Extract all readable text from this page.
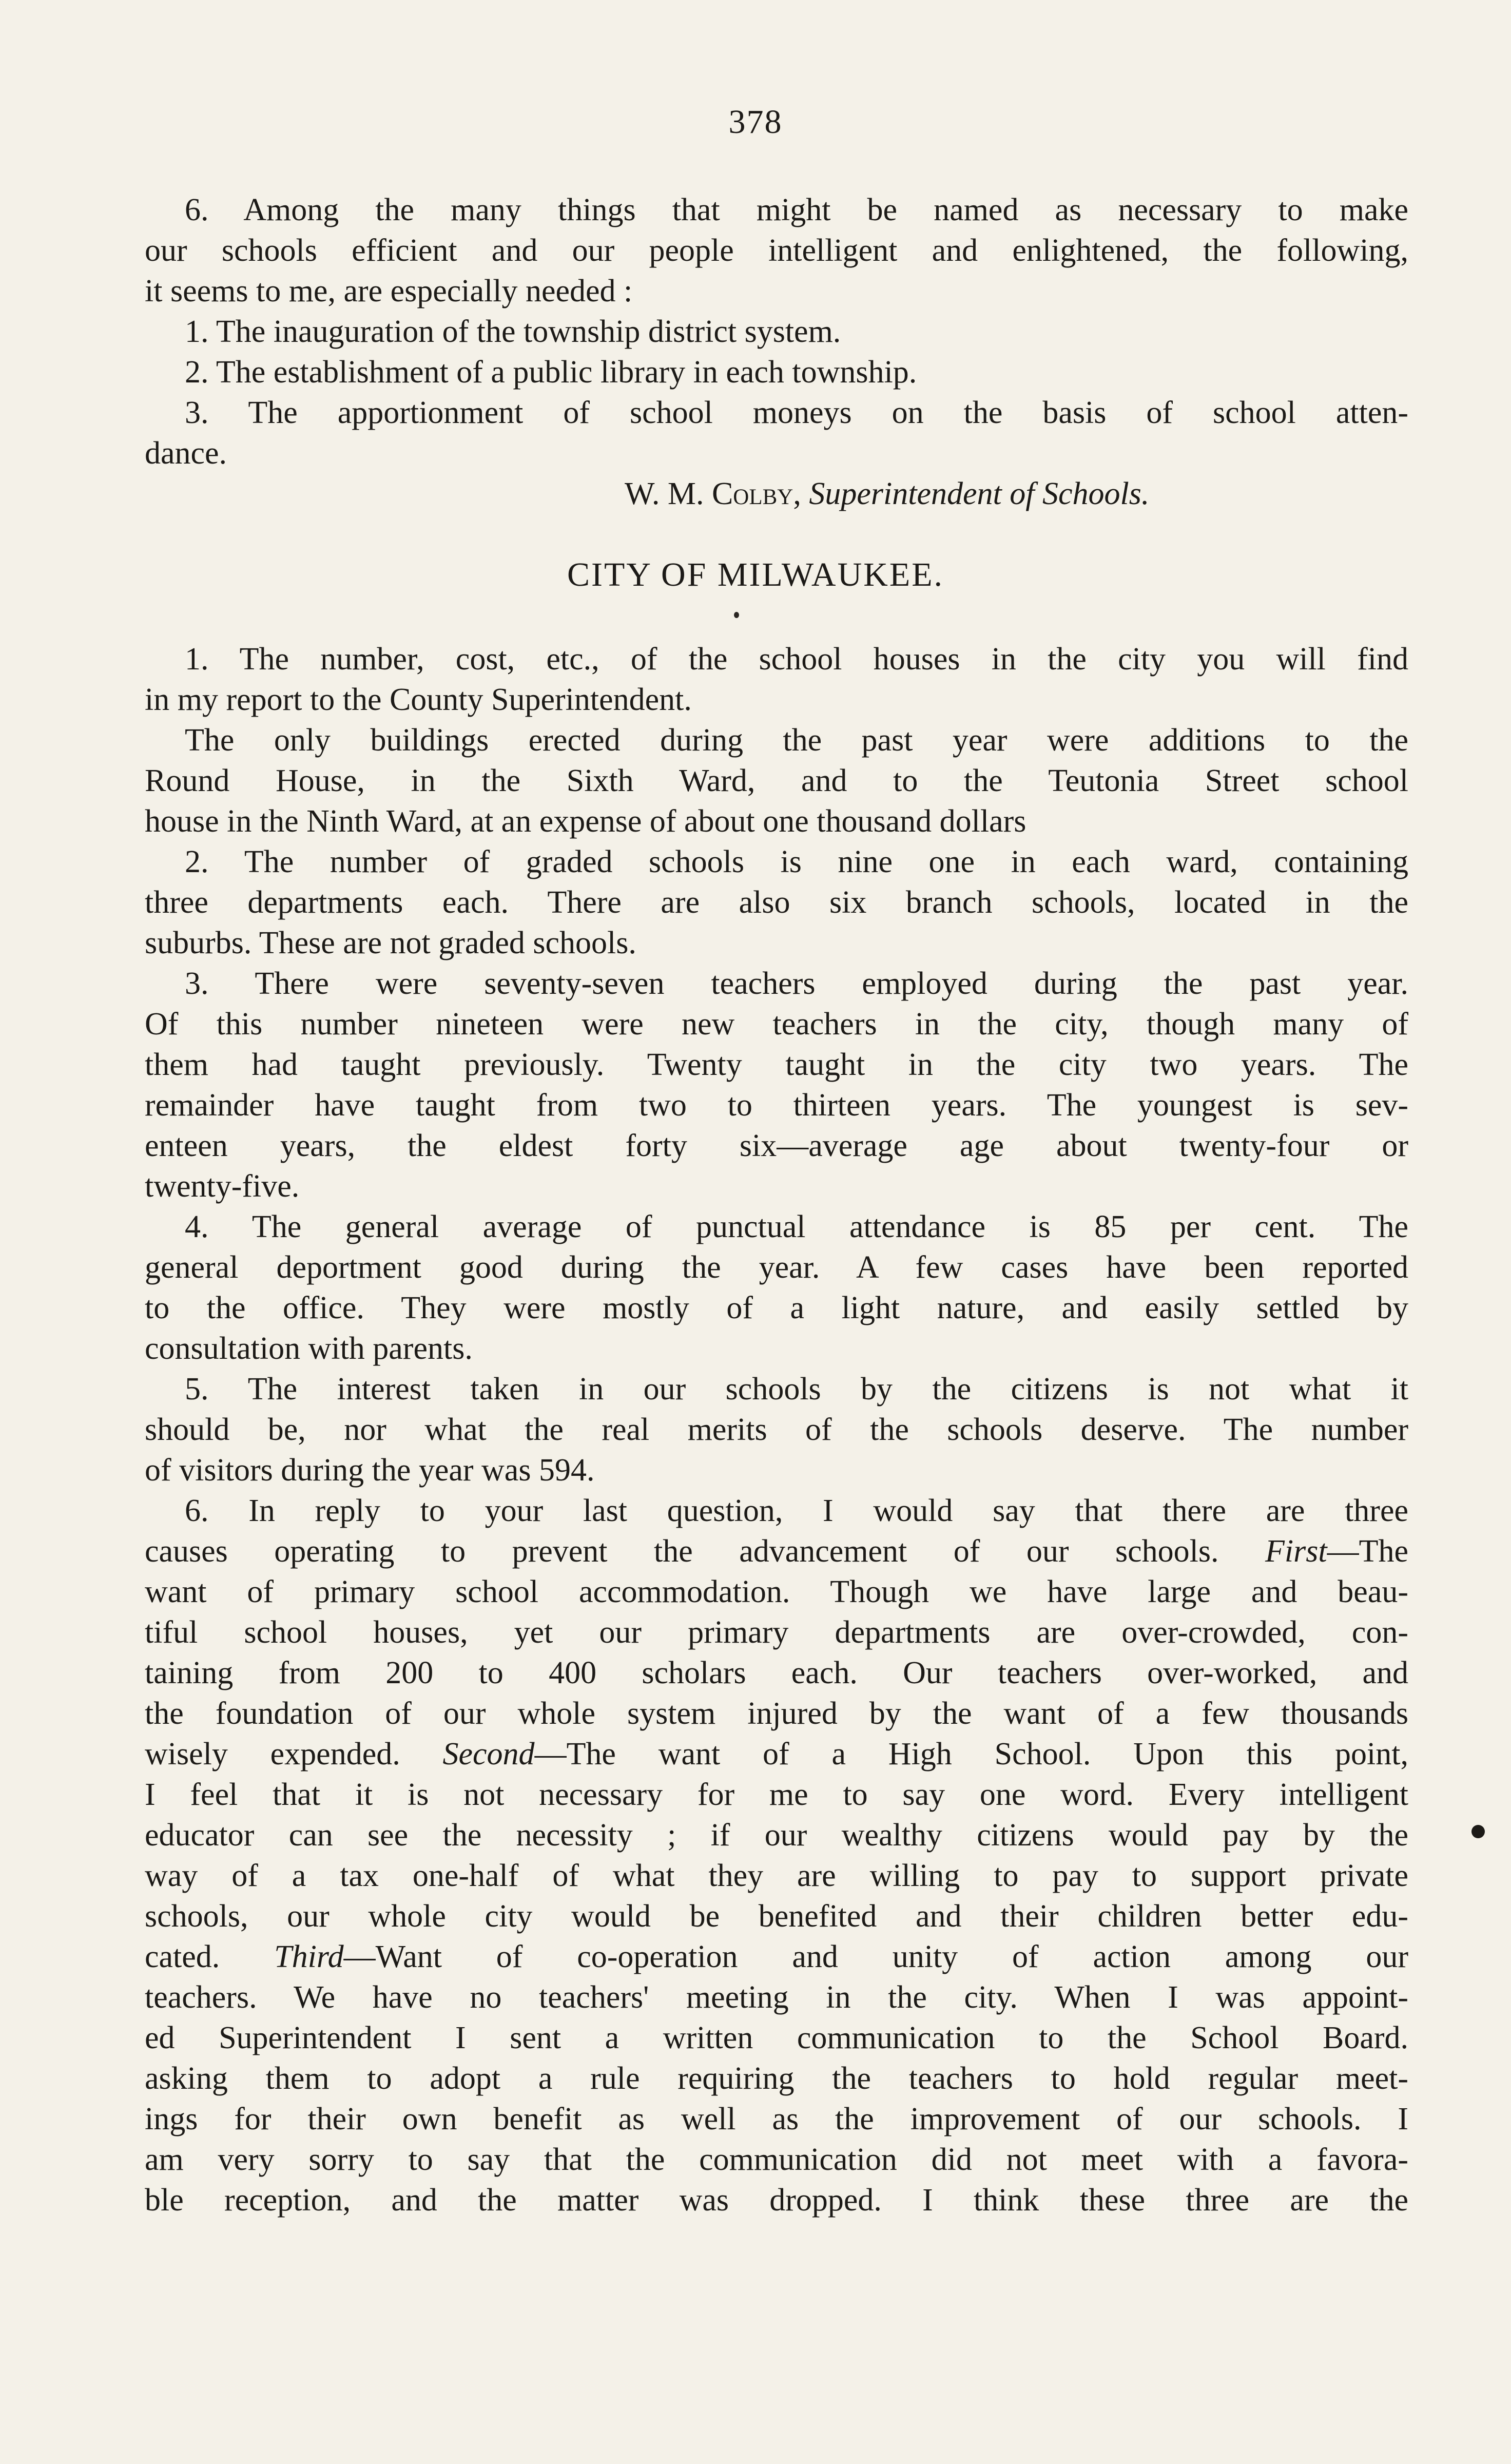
378
6. Among the many things that might be named as necessary to make
our schools efficient and our people intelligent and enlightened, the following,
it seems to me, are especially needed :
1. The inauguration of the township district system.
2. The establishment of a public library in each township.
3. The apportionment of school moneys on the basis of school atten-
dance.
W. M. Colby, Superintendent of Schools.
CITY OF MILWAUKEE.
1. The number, cost, etc., of the school houses in the city you will find
in my report to the County Superintendent.
The only buildings erected during the past year were additions to the
Round House, in the Sixth Ward, and to the Teutonia Street school
house in the Ninth Ward, at an expense of about one thousand dollars
2. The number of graded schools is nine one in each ward, containing
three departments each. There are also six branch schools, located in the
suburbs. These are not graded schools.
3. There were seventy-seven teachers employed during the past year.
Of this number nineteen were new teachers in the city, though many of
them had taught previously. Twenty taught in the city two years. The
remainder have taught from two to thirteen years. The youngest is sev-
enteen years, the eldest forty six—average age about twenty-four or
twenty-five.
4. The general average of punctual attendance is 85 per cent. The
general deportment good during the year. A few cases have been reported
to the office. They were mostly of a light nature, and easily settled by
consultation with parents.
5. The interest taken in our schools by the citizens is not what it
should be, nor what the real merits of the schools deserve. The number
of visitors during the year was 594.
6. In reply to your last question, I would say that there are three
causes operating to prevent the advancement of our schools. First—The
want of primary school accommodation. Though we have large and beau-
tiful school houses, yet our primary departments are over-crowded, con-
taining from 200 to 400 scholars each. Our teachers over-worked, and
the foundation of our whole system injured by the want of a few thousands
wisely expended. Second—The want of a High School. Upon this point,
I feel that it is not necessary for me to say one word. Every intelligent
educator can see the necessity ; if our wealthy citizens would pay by the
way of a tax one-half of what they are willing to pay to support private
schools, our whole city would be benefited and their children better edu-
cated. Third—Want of co-operation and unity of action among our
teachers. We have no teachers' meeting in the city. When I was appoint-
ed Superintendent I sent a written communication to the School Board.
asking them to adopt a rule requiring the teachers to hold regular meet-
ings for their own benefit as well as the improvement of our schools. I
am very sorry to say that the communication did not meet with a favora-
ble reception, and the matter was dropped. I think these three are the
